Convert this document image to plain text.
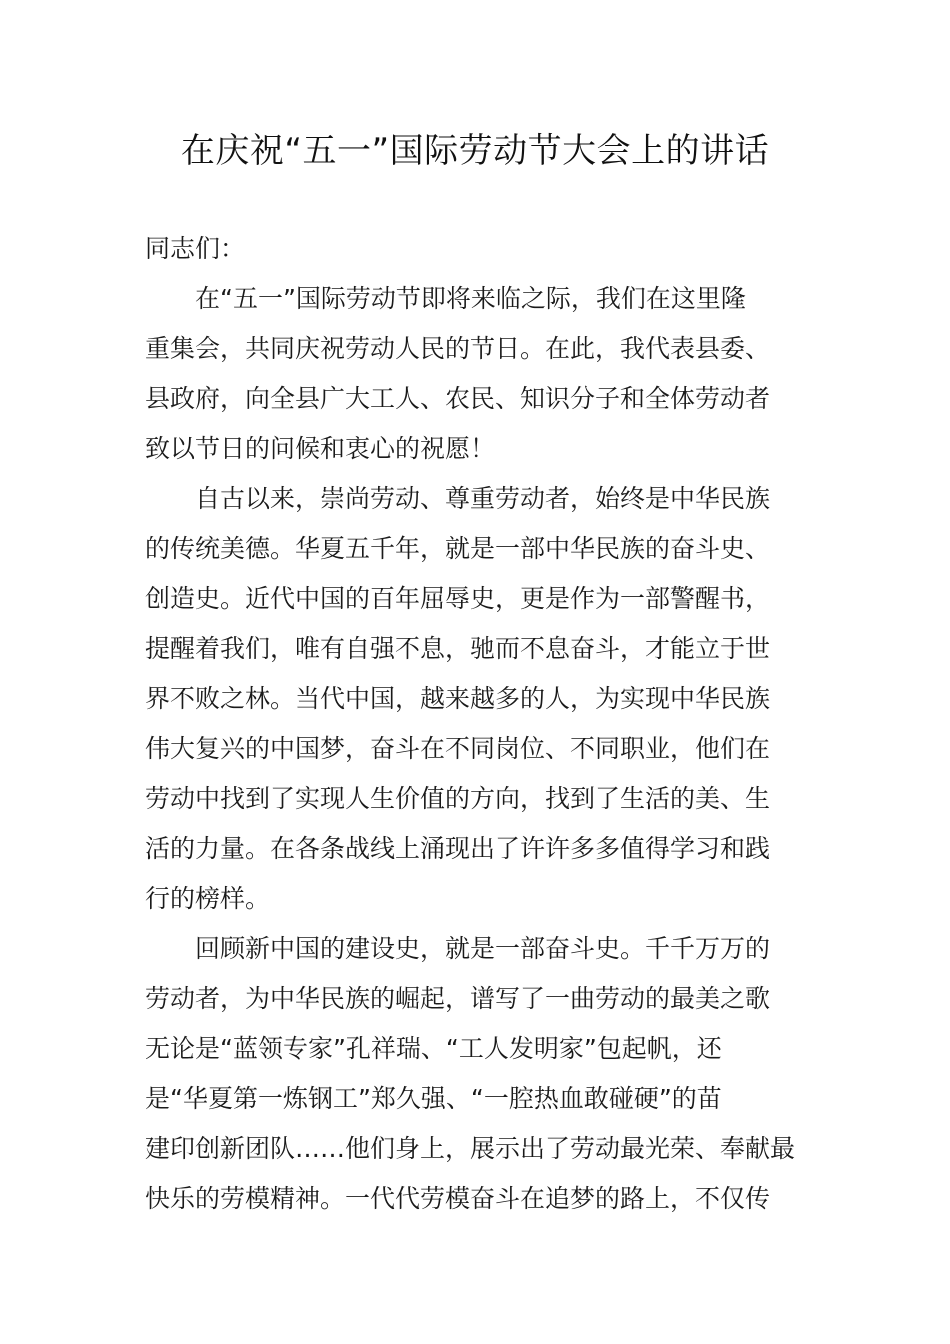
在庆祝“五一”国际劳动节大会上的讲话
同志们：
在“五一”国际劳动节即将来临之际，我们在这里隆
重集会，共同庆祝劳动人民的节日。在此，我代表县委、
县政府，向全县广大工人、农民、知识分子和全体劳动者
致以节日的问候和衷心的祝愿！
自古以来，崇尚劳动、尊重劳动者，始终是中华民族
的传统美德。华夏五千年，就是一部中华民族的奋斗史、
创造史。近代中国的百年屈辱史，更是作为一部警醒书，
提醒着我们，唯有自强不息，驰而不息奋斗，才能立于世
界不败之林。当代中国，越来越多的人，为实现中华民族
伟大复兴的中国梦，奋斗在不同岗位、不同职业，他们在
劳动中找到了实现人生价值的方向，找到了生活的美、生
活的力量。在各条战线上涌现出了许许多多值得学习和践
行的榜样。
回顾新中国的建设史，就是一部奋斗史。千千万万的
劳动者，为中华民族的崛起，谱写了一曲劳动的最美之歌
无论是“蓝领专家”孔祥瑞、“工人发明家”包起帆，还
是“华夏第一炼钢工”郑久强、“一腔热血敢碰硬”的苗
建印创新团队……他们身上，展示出了劳动最光荣、奉献最
快乐的劳模精神。一代代劳模奋斗在追梦的路上，不仅传
